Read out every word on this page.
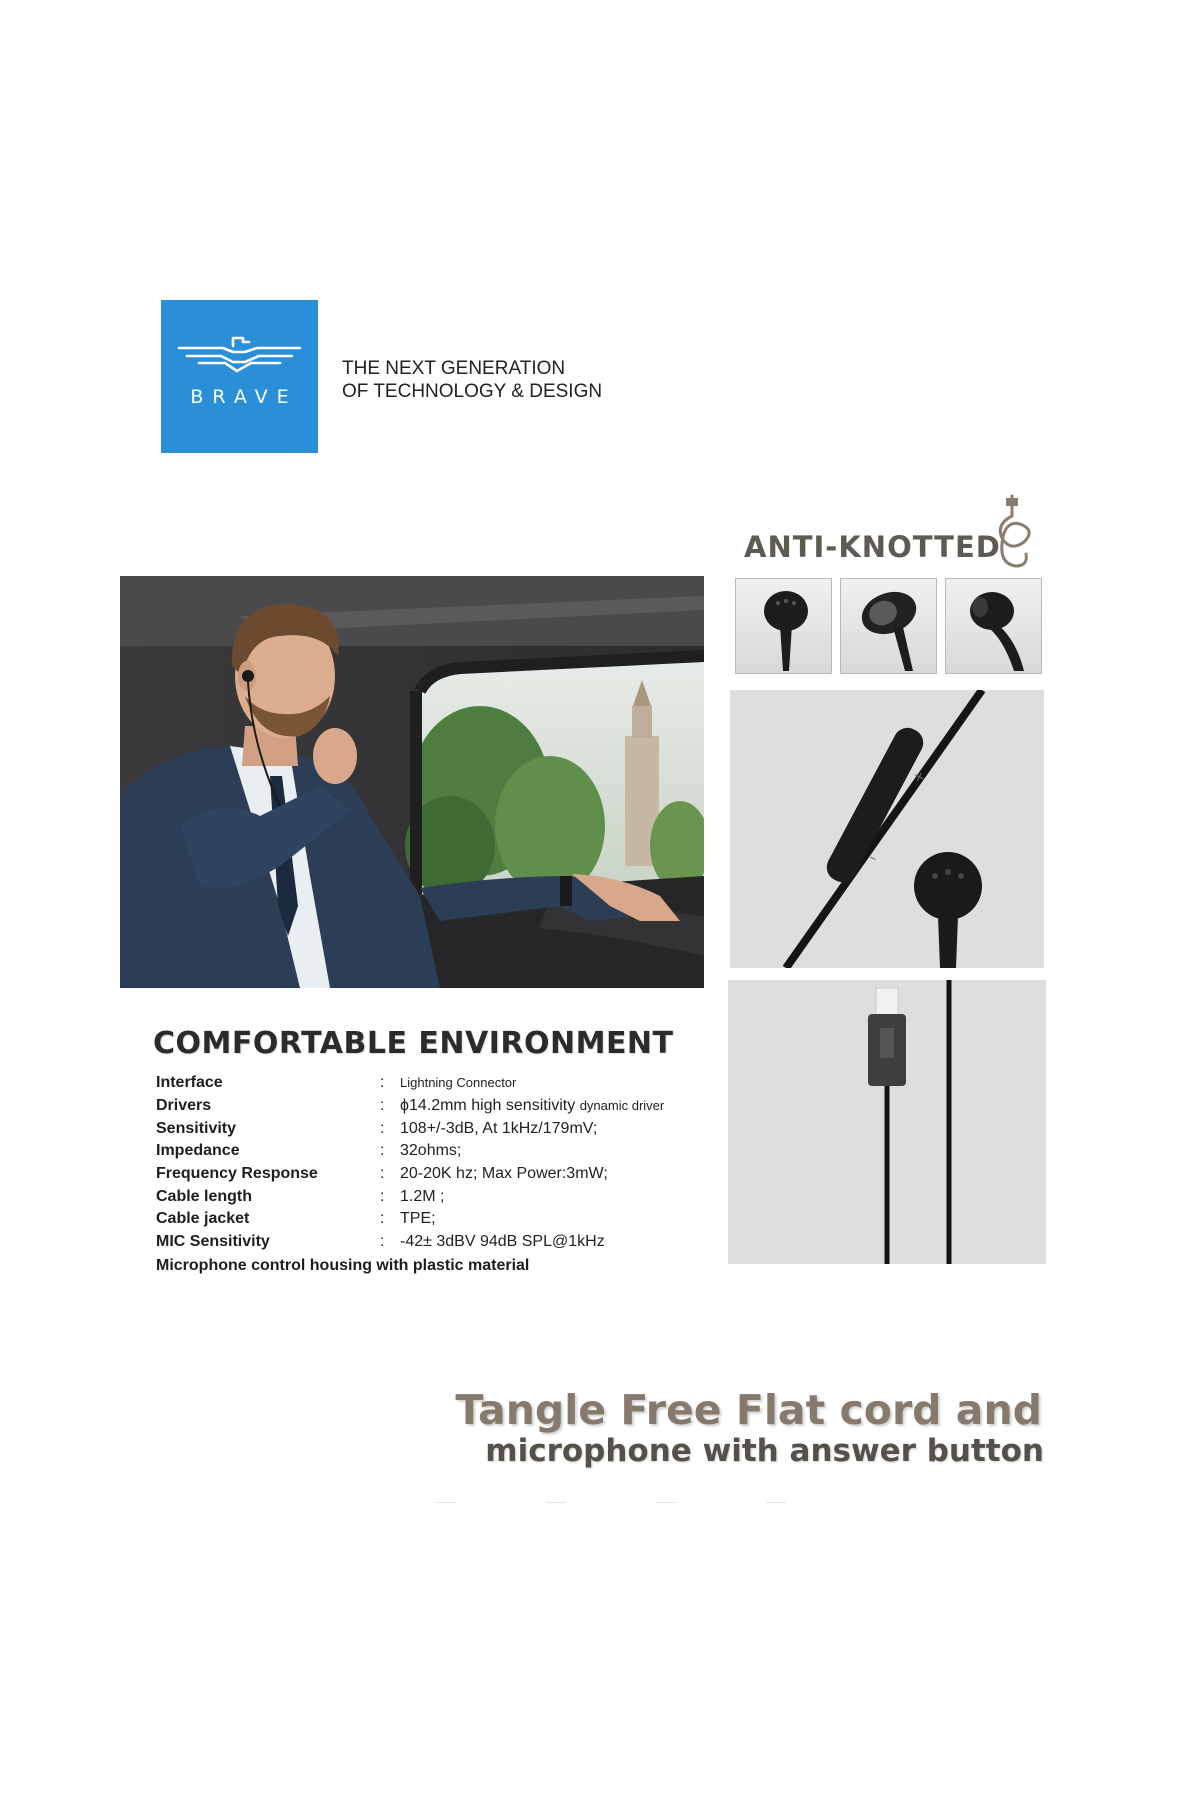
BRAVE
THE NEXT GENERATION
OF TECHNOLOGY & DESIGN
ANTI-KNOTTED
+
–
COMFORTABLE ENVIRONMENT
Interface	:	Lightning Connector
Drivers	: ϕ14.2mm high sensitivity dynamic driver
Sensitivity	: 108+/-3dB, At 1kHz/179mV;
Impedance	: 32ohms;
Frequency Response	: 20-20K hz; Max Power:3mW;
Cable length	: 1.2M ;
Cable jacket	: TPE;
MIC Sensitivity	: -42± 3dBV 94dB SPL@1kHz
Microphone control housing with plastic material
Tangle Free Flat cord and
microphone with answer button
